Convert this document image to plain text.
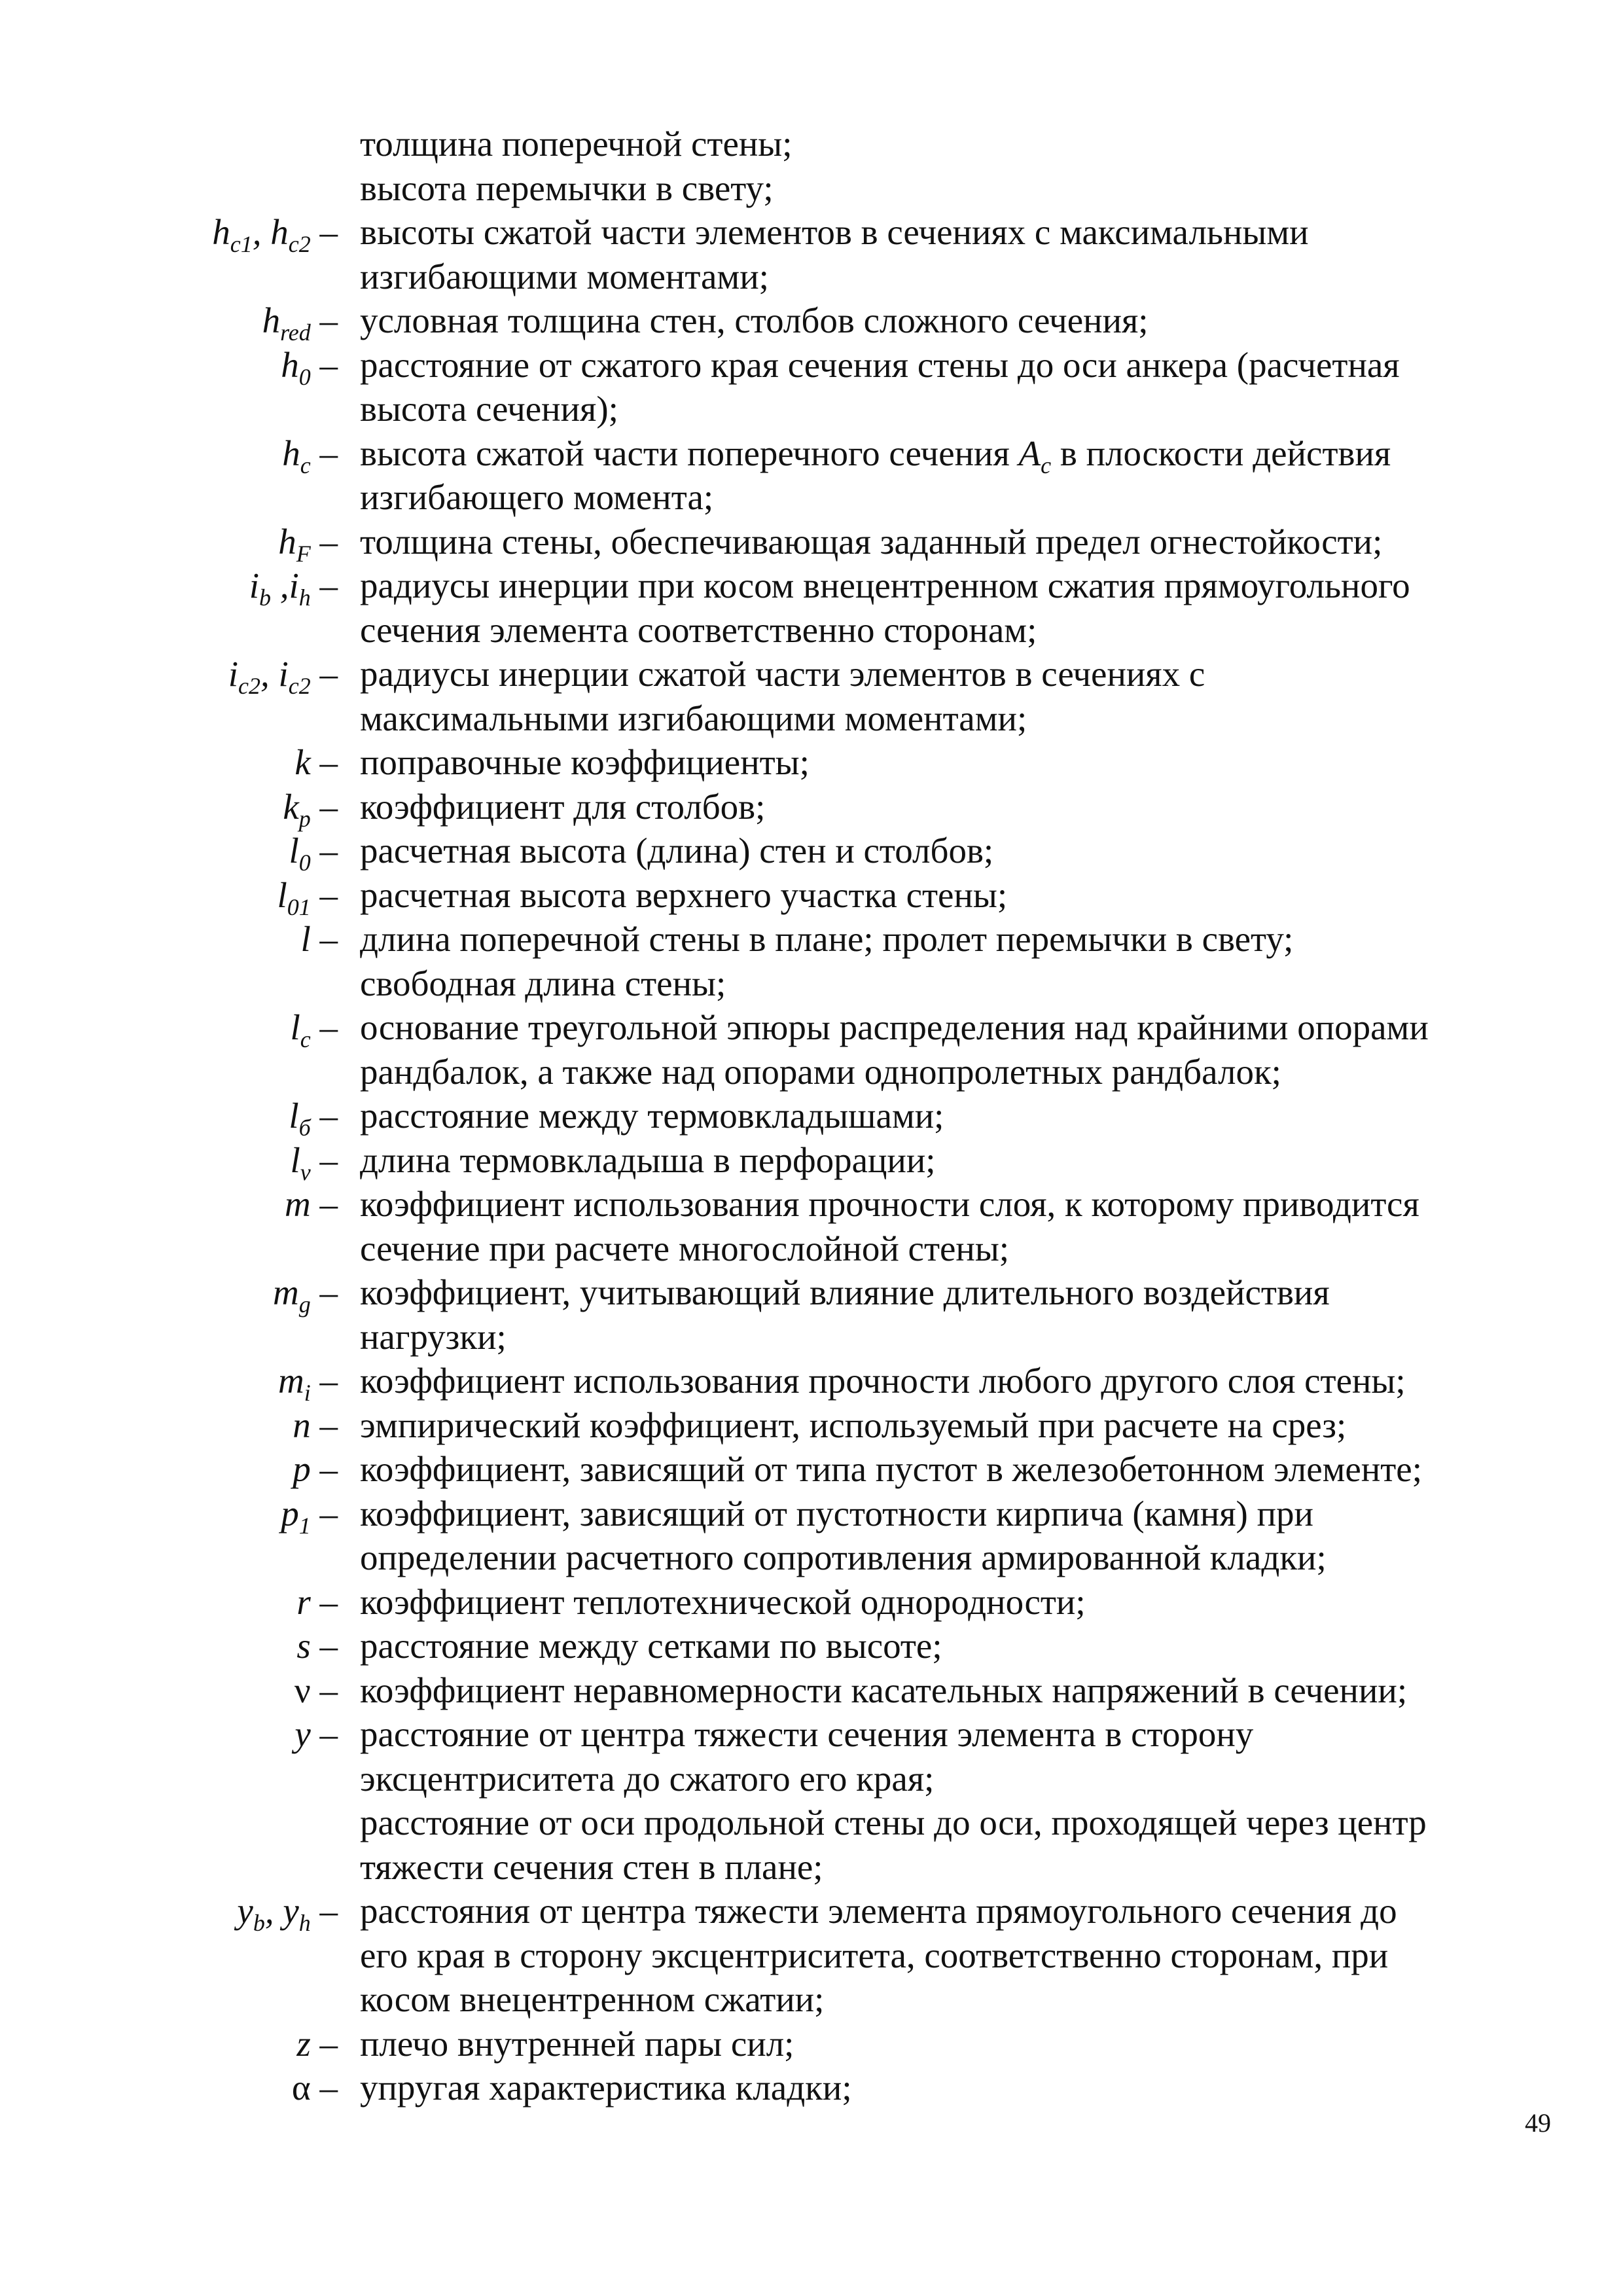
толщина поперечной стены;
высота перемычки в свету;
$h_{c1}$, $h_{c2}$ – высоты сжатой части элементов в сечениях с максимальными
изгибающими моментами;
$h_{red}$ – условная толщина стен, столбов сложного сечения;
$h_0$ – расстояние от сжатого края сечения стены до оси анкера (расчетная
высота сечения);
$h_c$ – высота сжатой части поперечного сечения $A_c$ в плоскости действия
изгибающего момента;
$h_F$ – толщина стены, обеспечивающая заданный предел огнестойкости;
$i_b$ $,i_h$ – радиусы инерции при косом внецентренном сжатия прямоугольного
сечения элемента соответственно сторонам;
$i_{c2}$, $i_{c2}$ – радиусы инерции сжатой части элементов в сечениях с
максимальными изгибающими моментами;
k – поправочные коэффициенты;
$k_p$ – коэффициент для столбов;
$l_0$ – расчетная высота (длина) стен и столбов;
$l_{01}$ – расчетная высота верхнего участка стены;
l – длина поперечной стены в плане; пролет перемычки в свету;
свободная длина стены;
$l_c$ – основание треугольной эпюры распределения над крайними опорами
рандбалок, а также над опорами однопролетных рандбалок;
$l_б$ – расстояние между термовкладышами;
$l_v$ – длина термовкладыша в перфорации;
m – коэффициент использования прочности слоя, к которому приводится
сечение при расчете многослойной стены;
$m_g$ – коэффициент, учитывающий влияние длительного воздействия
нагрузки;
$m_i$ – коэффициент использования прочности любого другого слоя стены;
n – эмпирический коэффициент, используемый при расчете на срез;
p – коэффициент, зависящий от типа пустот в железобетонном элементе;
$p_1$ – коэффициент, зависящий от пустотности кирпича (камня) при
определении расчетного сопротивления армированной кладки;
r – коэффициент теплотехнической однородности;
s – расстояние между сетками по высоте;
ν – коэффициент неравномерности касательных напряжений в сечении;
y – расстояние от центра тяжести сечения элемента в сторону
эксцентриситета до сжатого его края;
расстояние от оси продольной стены до оси, проходящей через центр
тяжести сечения стен в плане;
$y_b$, $y_h$ – расстояния от центра тяжести элемента прямоугольного сечения до
его края в сторону эксцентриситета, соответственно сторонам, при
косом внецентренном сжатии;
z – плечо внутренней пары сил;
α – упругая характеристика кладки;
49
